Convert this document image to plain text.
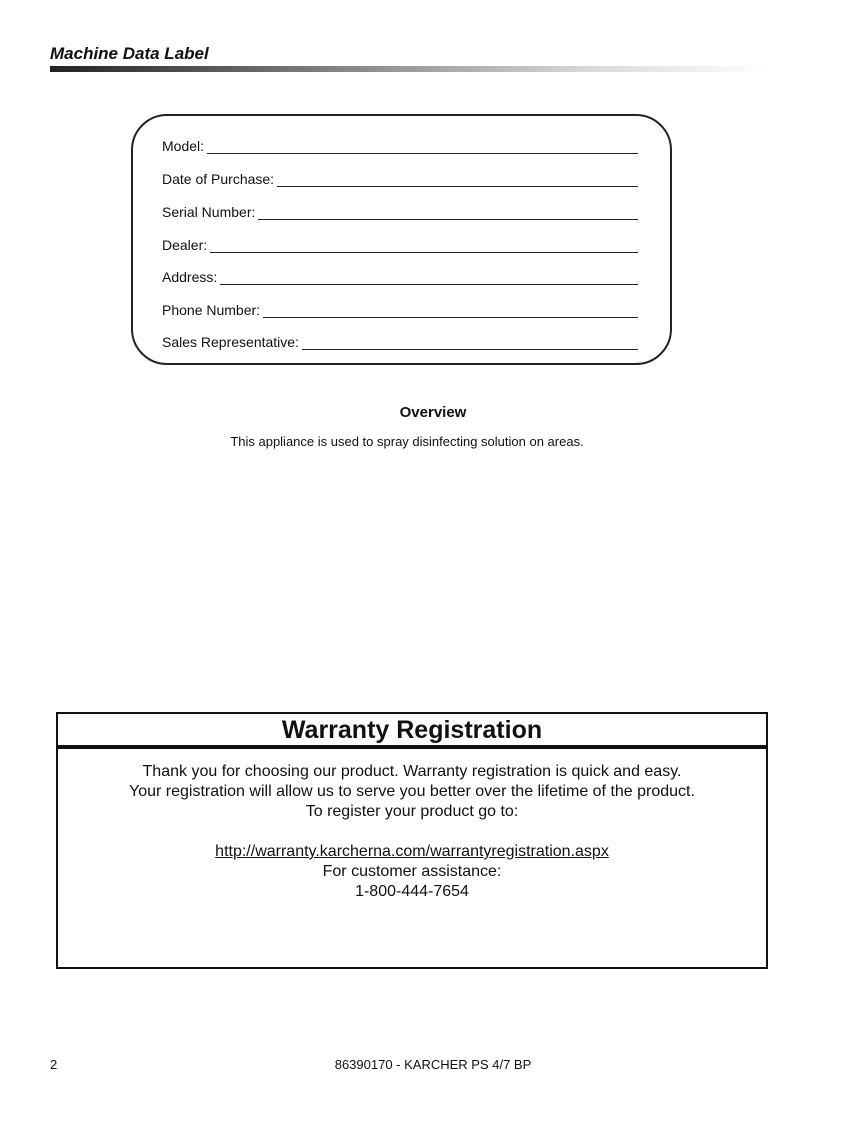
Machine Data Label
Model:
Date of Purchase:
Serial Number:
Dealer:
Address:
Phone Number:
Sales Representative:
Overview

This appliance is used to spray disinfecting solution on areas.

Warranty Registration

Thank you for choosing our product. Warranty registration is quick and easy.

Your registration will allow us to serve you better over the lifetime of the product.

To register your product go to:

http://warranty.karcherna.com/warrantyregistration.aspx

For customer assistance:

1-800-444-7654

2	86390170 - KARCHER PS 4/7 BP
